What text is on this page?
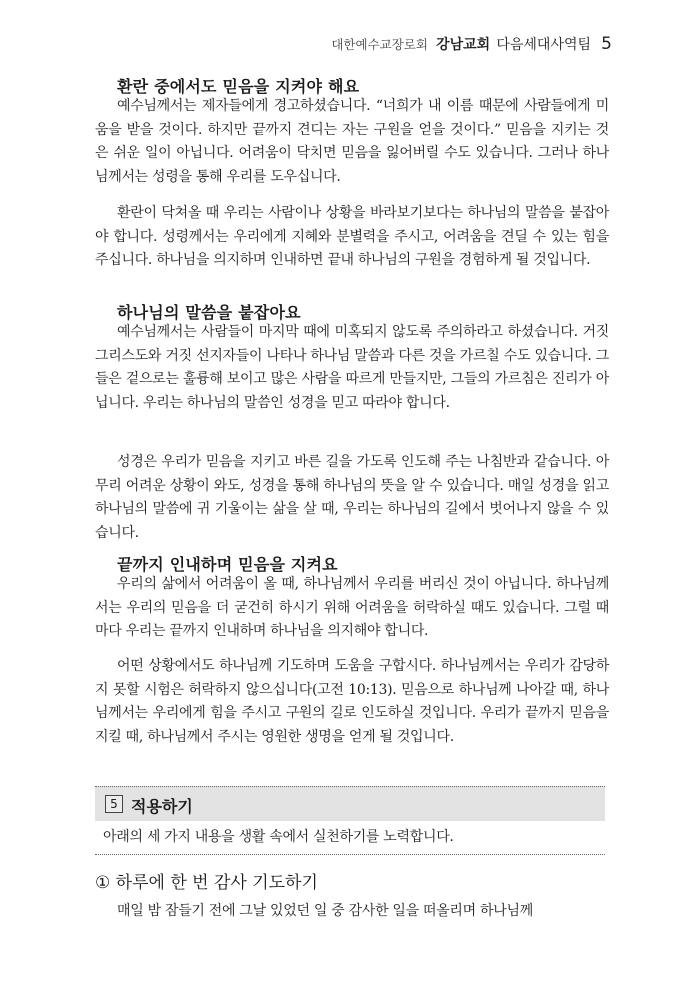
대한예수교장로회 강남교회 다음세대사역팀 5
환란 중에서도 믿음을 지켜야 해요

예수님께서는 제자들에게 경고하셨습니다. “너희가 내 이름 때문에 사람들에게 미움을 받을 것이다. 하지만 끝까지 견디는 자는 구원을 얻을 것이다.” 믿음을 지키는 것은 쉬운 일이 아닙니다. 어려움이 닥치면 믿음을 잃어버릴 수도 있습니다. 그러나 하나님께서는 성령을 통해 우리를 도우십니다.

환란이 닥쳐올 때 우리는 사람이나 상황을 바라보기보다는 하나님의 말씀을 붙잡아야 합니다. 성령께서는 우리에게 지혜와 분별력을 주시고, 어려움을 견딜 수 있는 힘을 주십니다. 하나님을 의지하며 인내하면 끝내 하나님의 구원을 경험하게 될 것입니다.

하나님의 말씀을 붙잡아요

예수님께서는 사람들이 마지막 때에 미혹되지 않도록 주의하라고 하셨습니다. 거짓 그리스도와 거짓 선지자들이 나타나 하나님 말씀과 다른 것을 가르칠 수도 있습니다. 그들은 겉으로는 훌륭해 보이고 많은 사람을 따르게 만들지만, 그들의 가르침은 진리가 아닙니다. 우리는 하나님의 말씀인 성경을 믿고 따라야 합니다.

성경은 우리가 믿음을 지키고 바른 길을 가도록 인도해 주는 나침반과 같습니다. 아무리 어려운 상황이 와도, 성경을 통해 하나님의 뜻을 알 수 있습니다. 매일 성경을 읽고 하나님의 말씀에 귀 기울이는 삶을 살 때, 우리는 하나님의 길에서 벗어나지 않을 수 있습니다.

끝까지 인내하며 믿음을 지켜요

우리의 삶에서 어려움이 올 때, 하나님께서 우리를 버리신 것이 아닙니다. 하나님께서는 우리의 믿음을 더 굳건히 하시기 위해 어려움을 허락하실 때도 있습니다. 그럴 때마다 우리는 끝까지 인내하며 하나님을 의지해야 합니다.

어떤 상황에서도 하나님께 기도하며 도움을 구합시다. 하나님께서는 우리가 감당하지 못할 시험은 허락하지 않으십니다(고전 10:13). 믿음으로 하나님께 나아갈 때, 하나님께서는 우리에게 힘을 주시고 구원의 길로 인도하실 것입니다. 우리가 끝까지 믿음을 지킬 때, 하나님께서 주시는 영원한 생명을 얻게 될 것입니다.

5 적용하기
아래의 세 가지 내용을 생활 속에서 실천하기를 노력합니다.
① 하루에 한 번 감사 기도하기
매일 밤 잠들기 전에 그날 있었던 일 중 감사한 일을 떠올리며 하나님께
